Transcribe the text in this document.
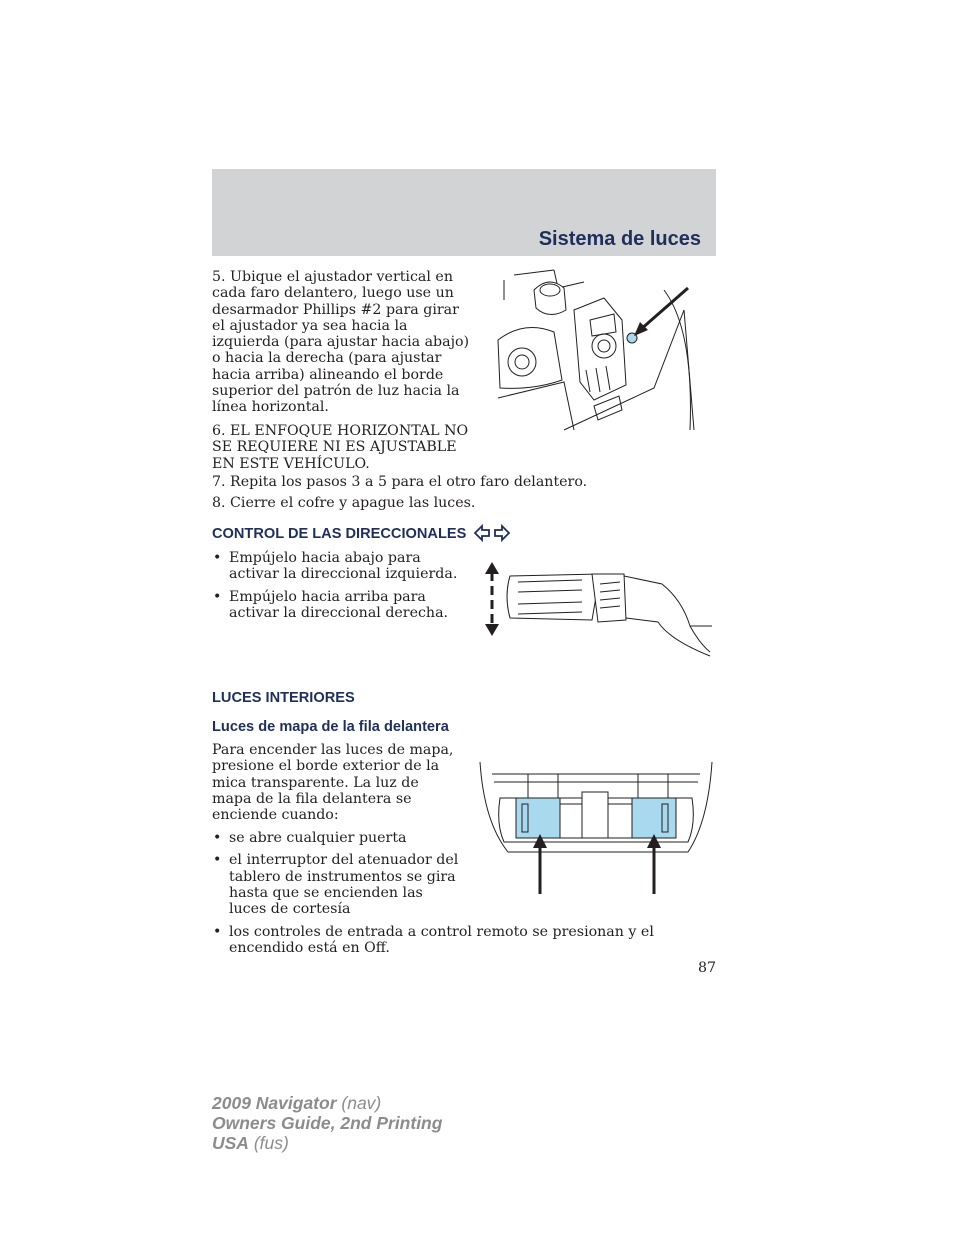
Sistema de luces
5. Ubique el ajustador vertical en cada faro delantero, luego use un desarmador Phillips #2 para girar el ajustador ya sea hacia la izquierda (para ajustar hacia abajo) o hacia la derecha (para ajustar hacia arriba) alineando el borde superior del patrón de luz hacia la línea horizontal.
6. EL ENFOQUE HORIZONTAL NO SE REQUIERE NI ES AJUSTABLE EN ESTE VEHÍCULO.
7. Repita los pasos 3 a 5 para el otro faro delantero.
8. Cierre el cofre y apague las luces.
CONTROL DE LAS DIRECCIONALES
• Empújelo hacia abajo para activar la direccional izquierda.
• Empújelo hacia arriba para activar la direccional derecha.
LUCES INTERIORES
Luces de mapa de la fila delantera
Para encender las luces de mapa, presione el borde exterior de la mica transparente. La luz de mapa de la fila delantera se enciende cuando:
• se abre cualquier puerta
• el interruptor del atenuador del tablero de instrumentos se gira hasta que se encienden las luces de cortesía
• los controles de entrada a control remoto se presionan y el encendido está en Off.
87
2009 Navigator (nav)
Owners Guide, 2nd Printing
USA (fus)
